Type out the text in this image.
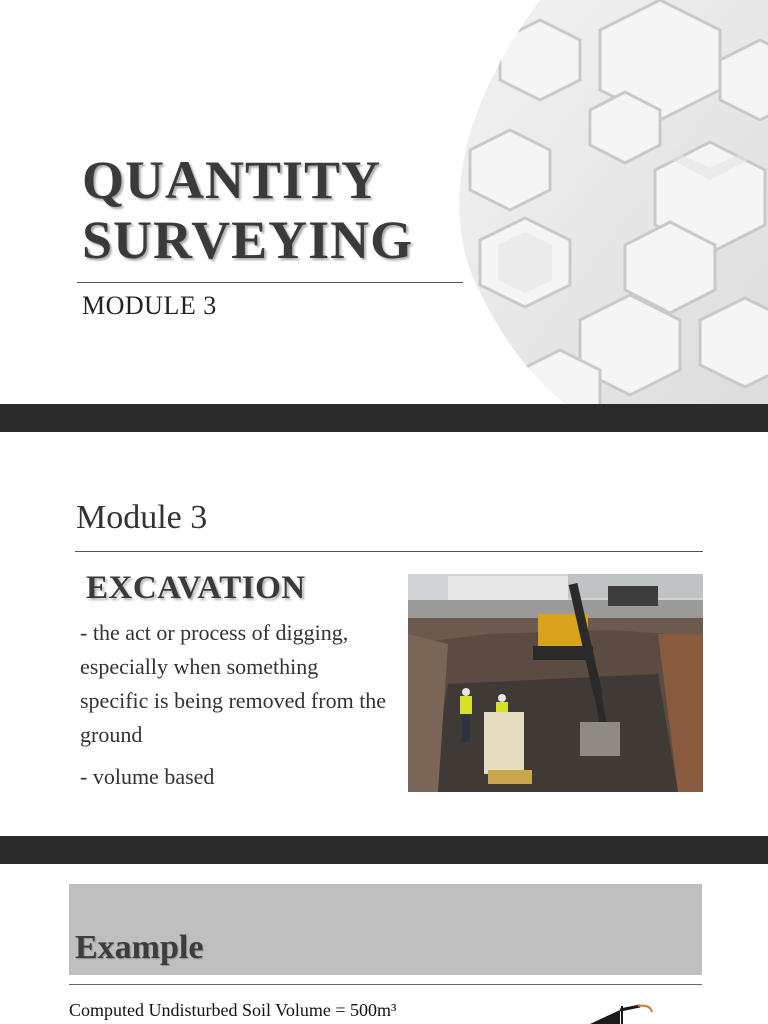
QUANTITY
SURVEYING
MODULE 3
Module 3
EXCAVATION
- the act or process of digging, especially when something specific is being removed from the ground
- volume based
Example
Computed Undisturbed Soil Volume = 500m³
